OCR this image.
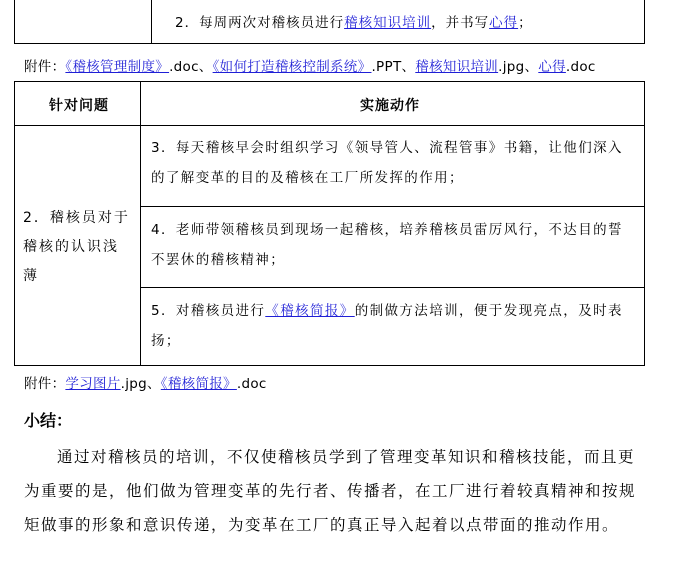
2．每周两次对稽核员进行稽核知识培训，并书写心得；
附件：《稽核管理制度》.doc、《如何打造稽核控制系统》.PPT、稽核知识培训.jpg、心得.doc
针对问题	实施动作
2．稽核员对于稽核的认识浅薄
3．每天稽核早会时组织学习《领导管人、流程管事》书籍，让他们深入的了解变革的目的及稽核在工厂所发挥的作用；
4．老师带领稽核员到现场一起稽核，培养稽核员雷厉风行，不达目的誓不罢休的稽核精神；
5．对稽核员进行《稽核简报》的制做方法培训，便于发现亮点，及时表扬；
附件：学习图片.jpg、《稽核简报》.doc
小结：
通过对稽核员的培训，不仅使稽核员学到了管理变革知识和稽核技能，而且更为重要的是，他们做为管理变革的先行者、传播者，在工厂进行着较真精神和按规矩做事的形象和意识传递，为变革在工厂的真正导入起着以点带面的推动作用。
